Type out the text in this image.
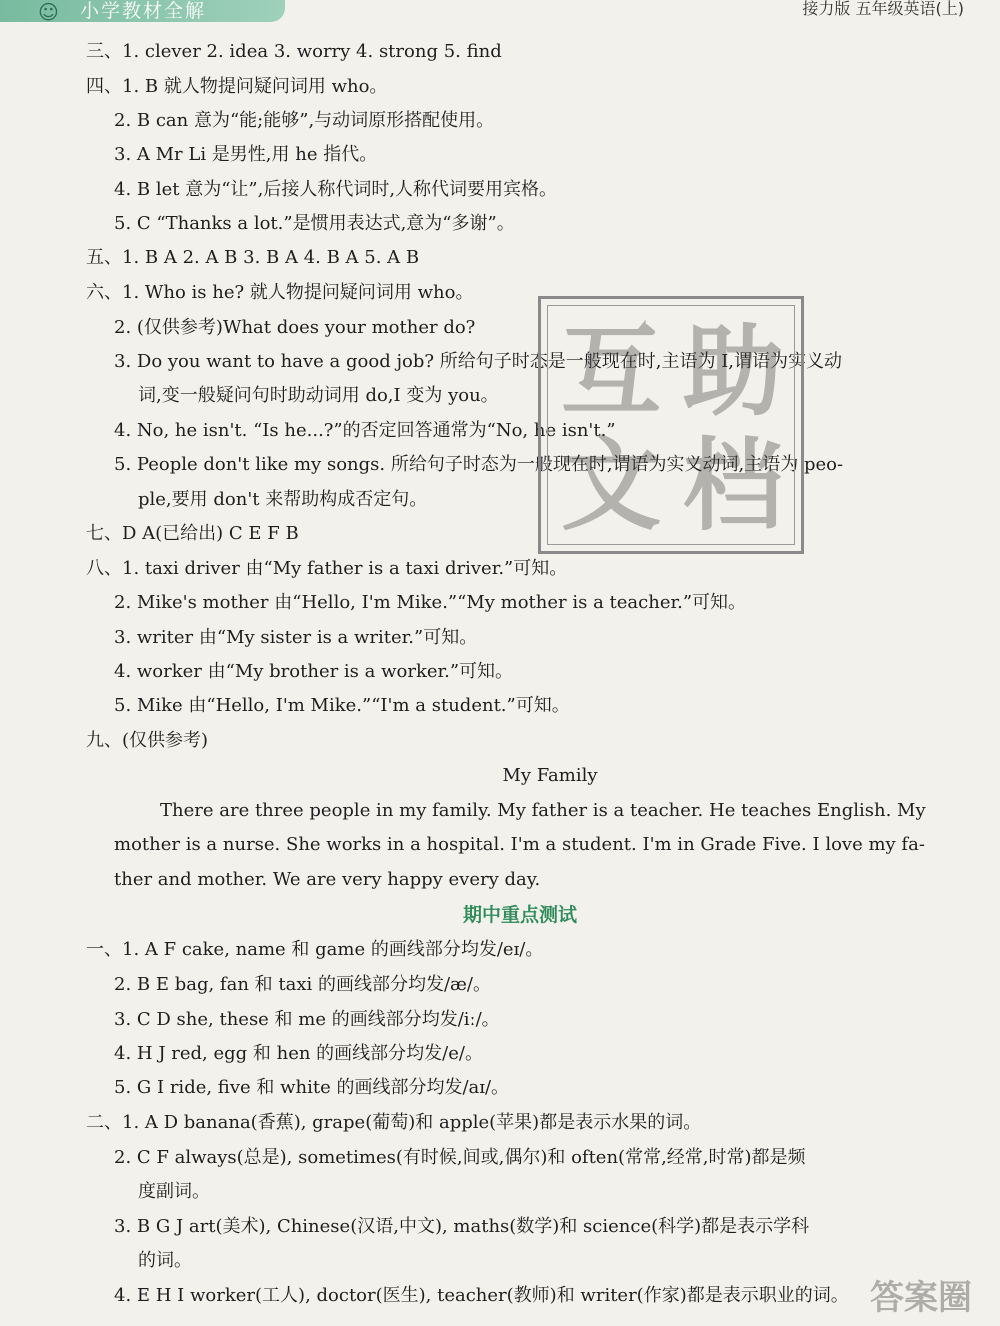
☺	小学教材全解	接力版 五年级英语(上)
三、1. clever 2. idea 3. worry 4. strong 5. find
四、1. B 就人物提问疑问词用 who。
2. B can 意为“能;能够”,与动词原形搭配使用。
3. A Mr Li 是男性,用 he 指代。
4. B let 意为“让”,后接人称代词时,人称代词要用宾格。
5. C “Thanks a lot.”是惯用表达式,意为“多谢”。
五、1. B A 2. A B 3. B A 4. B A 5. A B
六、1. Who is he? 就人物提问疑问词用 who。
2. (仅供参考)What does your mother do?
3. Do you want to have a good job? 所给句子时态是一般现在时,主语为 I,谓语为实义动
词,变一般疑问句时助动词用 do,I 变为 you。
4. No, he isn't. “Is he...?”的否定回答通常为“No, he isn't.”
5. People don't like my songs. 所给句子时态为一般现在时,谓语为实义动词,主语为 peo-
ple,要用 don't 来帮助构成否定句。
七、D A(已给出) C E F B
八、1. taxi driver 由“My father is a taxi driver.”可知。
2. Mike's mother 由“Hello, I'm Mike.”“My mother is a teacher.”可知。
3. writer 由“My sister is a writer.”可知。
4. worker 由“My brother is a worker.”可知。
5. Mike 由“Hello, I'm Mike.”“I'm a student.”可知。
九、(仅供参考)
My Family
There are three people in my family. My father is a teacher. He teaches English. My
mother is a nurse. She works in a hospital. I'm a student. I'm in Grade Five. I love my fa-
ther and mother. We are very happy every day.
期中重点测试
一、1. A F cake, name 和 game 的画线部分均发/eɪ/。
2. B E bag, fan 和 taxi 的画线部分均发/æ/。
3. C D she, these 和 me 的画线部分均发/iː/。
4. H J red, egg 和 hen 的画线部分均发/e/。
5. G I ride, five 和 white 的画线部分均发/aɪ/。
二、1. A D banana(香蕉), grape(葡萄)和 apple(苹果)都是表示水果的词。
2. C F always(总是), sometimes(有时候,间或,偶尔)和 often(常常,经常,时常)都是频
度副词。
3. B G J art(美术), Chinese(汉语,中文), maths(数学)和 science(科学)都是表示学科
的词。
4. E H I worker(工人), doctor(医生), teacher(教师)和 writer(作家)都是表示职业的词。
互 助
文 档
答案圈
